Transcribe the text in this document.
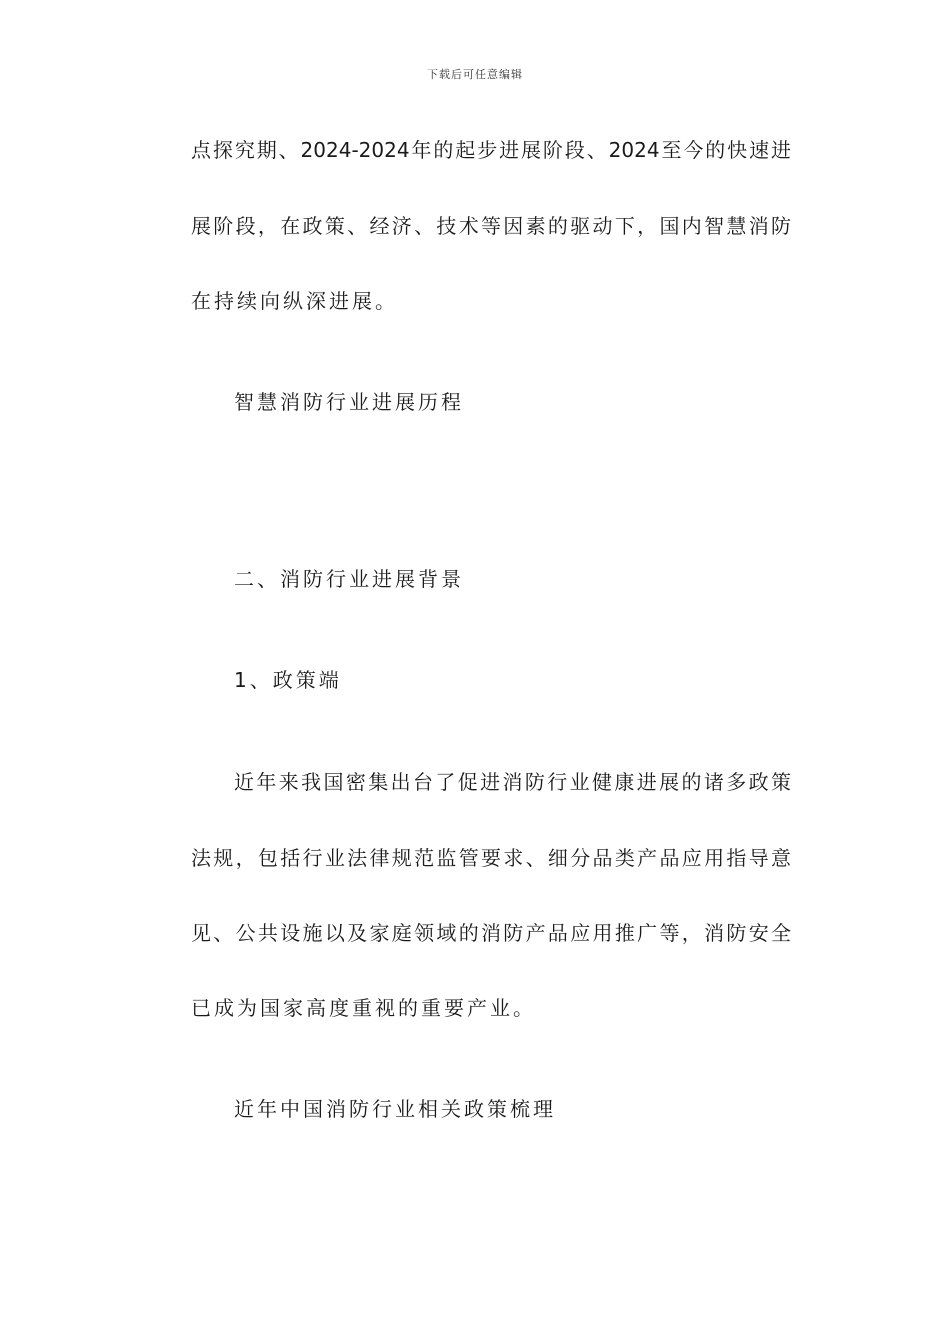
下载后可任意编辑
点探究期、2024-2024年的起步进展阶段、2024至今的快速进
展阶段，在政策、经济、技术等因素的驱动下，国内智慧消防
在持续向纵深进展。
智慧消防行业进展历程
二、消防行业进展背景
1、政策端
近年来我国密集出台了促进消防行业健康进展的诸多政策
法规，包括行业法律规范监管要求、细分品类产品应用指导意
见、公共设施以及家庭领域的消防产品应用推广等，消防安全
已成为国家高度重视的重要产业。
近年中国消防行业相关政策梳理
